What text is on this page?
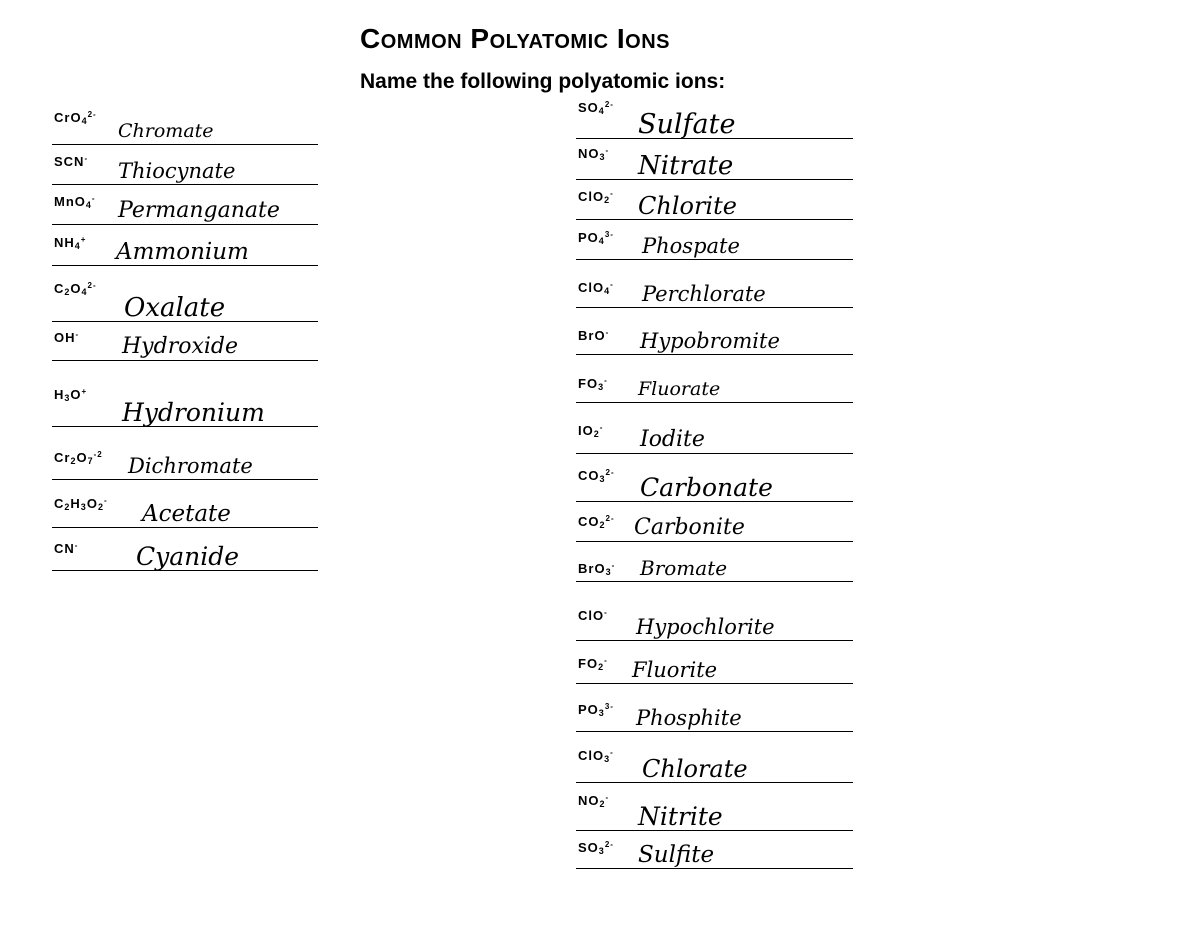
Common Polyatomic Ions
Name the following polyatomic ions:
CrO$_4^{2-}$
Chromate
SCN-
Thiocynate
MnO$_4$- Permanganate
$NH_4^+$ Ammonium
$C_2O_4^{2-}$
Oxalate
OH- Hydroxide
$H_3O^+$
Hydronium
$Cr_2O_7^{-2}$ Dichromate
$C_2H_3O_2^-$
Acetate
CN- Cyanide
$SO_4^{2-}$
Sulfate
$NO_3^-$
Nitrate
ClO$_2$- Chlorite
$PO_4^{3-}$ Phospate
ClO$_4$- Perchlorate
BrO- Hypobromite
$FO_3^-$ Fluorate
$IO_2^-$ Iodite
$CO_3^{2-}$
Carbonate
$CO_2^{2-}$ Carbonite
BrO$_3$- Bromate
ClO-
Hypochlorite
$FO_2^-$ Fluorite
$PO_3^{3-}$ Phosphite
ClO$_3$-
Chlorate
$NO_2^-$
Nitrite
$SO_3^{2-}$ Sulfite
